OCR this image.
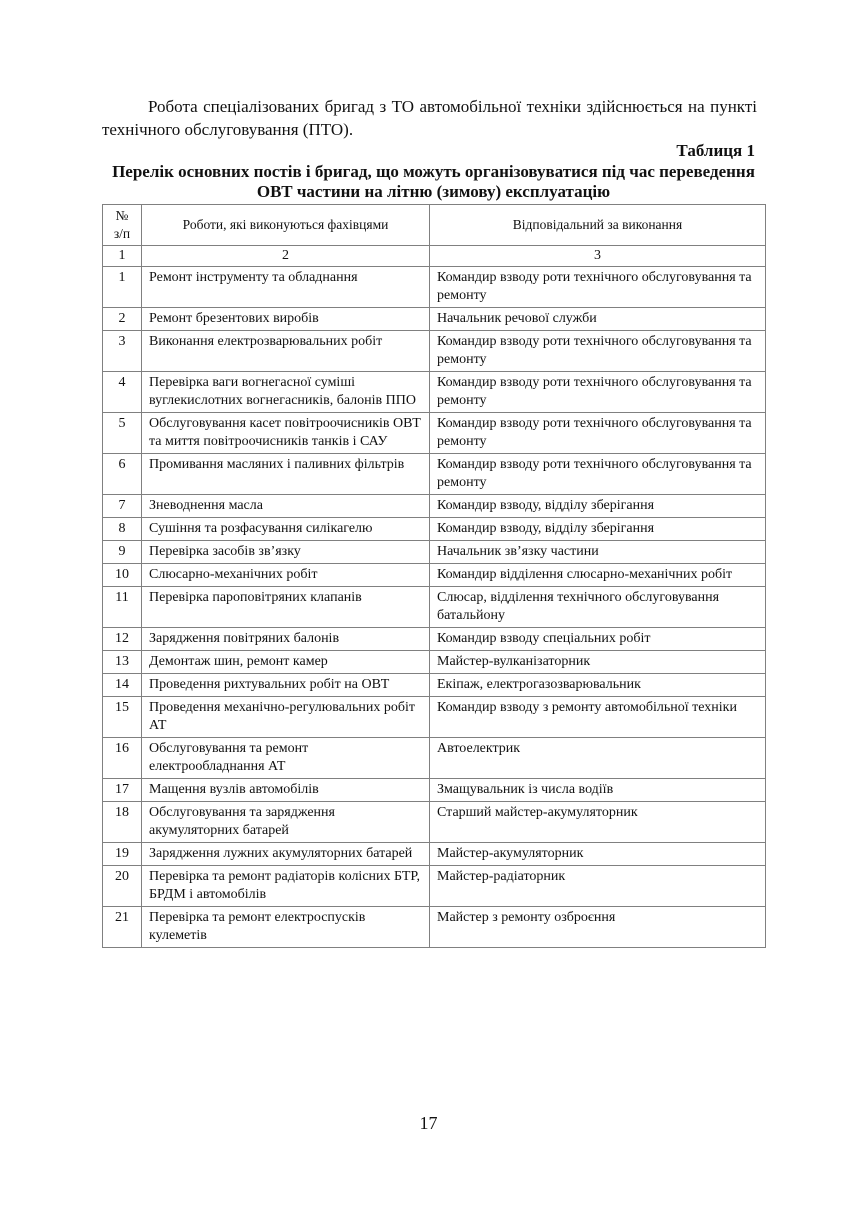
Робота спеціалізованих бригад з ТО автомобільної техніки здійснюється на пункті технічного обслуговування (ПТО).
Таблиця 1
Перелік основних постів і бригад, що можуть організовуватися під час переведення ОВТ частини на літню (зимову) експлуатацію
№ з/п	Роботи, які виконуються фахівцями	Відповідальний за виконання
1	2	3
1	Ремонт інструменту та обладнання	Командир взводу роти технічного обслуговування та ремонту
2	Ремонт брезентових виробів	Начальник речової служби
3	Виконання електрозварювальних робіт	Командир взводу роти технічного обслуговування та ремонту
4	Перевірка ваги вогнегасної суміші вуглекислотних вогнегасників, балонів ППО	Командир взводу роти технічного обслуговування та ремонту
5	Обслуговування касет повітроочисників ОВТ та миття повітроочисників танків і САУ	Командир взводу роти технічного обслуговування та ремонту
6	Промивання масляних і паливних фільтрів	Командир взводу роти технічного обслуговування та ремонту
7	Зневоднення масла	Командир взводу, відділу зберігання
8	Сушіння та розфасування силікагелю	Командир взводу, відділу зберігання
9	Перевірка засобів зв’язку	Начальник зв’язку частини
10	Слюсарно-механічних робіт	Командир відділення слюсарно-механічних робіт
11	Перевірка пароповітряних клапанів	Слюсар, відділення технічного обслуговування батальйону
12	Зарядження повітряних балонів	Командир взводу спеціальних робіт
13	Демонтаж шин, ремонт камер	Майстер-вулканізаторник
14	Проведення рихтувальних робіт на ОВТ	Екіпаж, електрогазозварювальник
15	Проведення механічно-регулювальних робіт АТ	Командир взводу з ремонту автомобільної техніки
16	Обслуговування та ремонт електрообладнання АТ	Автоелектрик
17	Мащення вузлів автомобілів	Змащувальник із числа водіїв
18	Обслуговування та зарядження акумуляторних батарей	Старший майстер-акумуляторник
19	Зарядження лужних акумуляторних батарей	Майстер-акумуляторник
20	Перевірка та ремонт радіаторів колісних БТР, БРДМ і автомобілів	Майстер-радіаторник
21	Перевірка та ремонт електроспусків кулеметів	Майстер з ремонту озброєння
17
